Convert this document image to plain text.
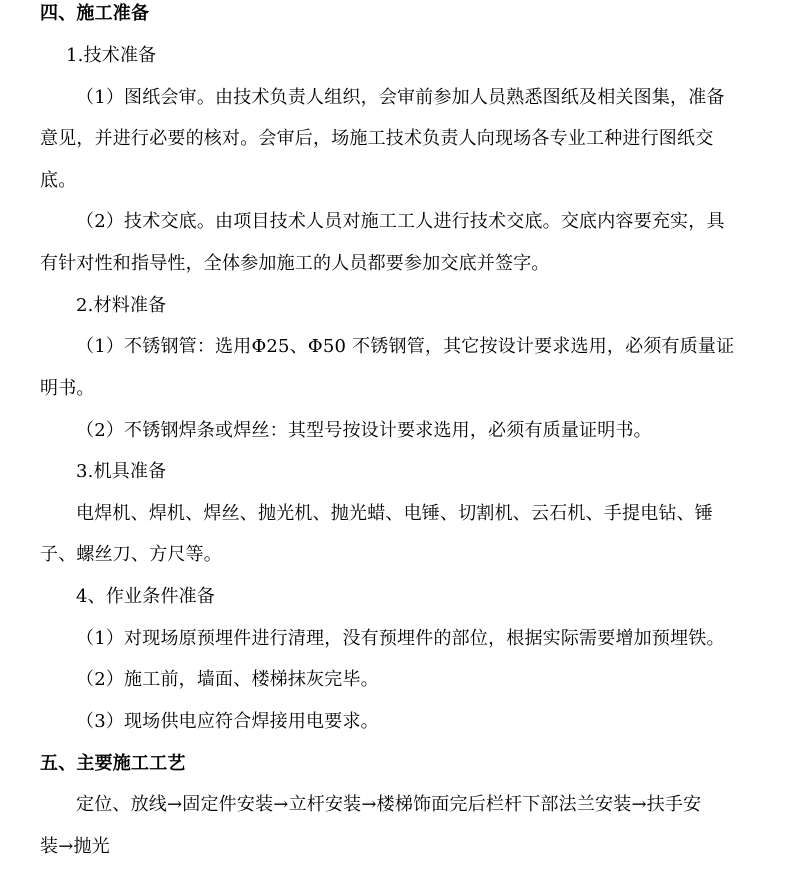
四、施工准备
1.技术准备
（1）图纸会审。由技术负责人组织，会审前参加人员熟悉图纸及相关图集，准备
意见，并进行必要的核对。会审后，场施工技术负责人向现场各专业工种进行图纸交
底。
（2）技术交底。由项目技术人员对施工工人进行技术交底。交底内容要充实，具
有针对性和指导性，全体参加施工的人员都要参加交底并签字。
2.材料准备
（1）不锈钢管：选用Φ25、Φ50 不锈钢管，其它按设计要求选用，必须有质量证
明书。
（2）不锈钢焊条或焊丝：其型号按设计要求选用，必须有质量证明书。
3.机具准备
电焊机、焊机、焊丝、抛光机、抛光蜡、电锤、切割机、云石机、手提电钻、锤
子、螺丝刀、方尺等。
4、作业条件准备
（1）对现场原预埋件进行清理，没有预埋件的部位，根据实际需要增加预埋铁。
（2）施工前，墙面、楼梯抹灰完毕。
（3）现场供电应符合焊接用电要求。
五、主要施工工艺
定位、放线→固定件安装→立杆安装→楼梯饰面完后栏杆下部法兰安装→扶手安
装→抛光
